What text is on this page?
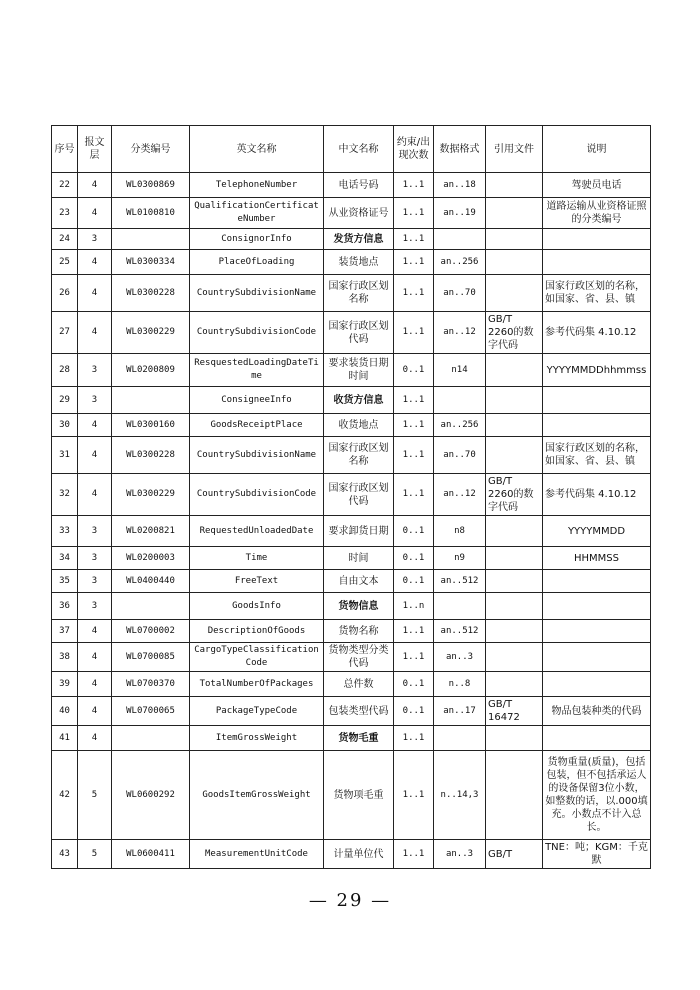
序号	报文层	分类编号	英文名称	中文名称	约束/出现次数	数据格式	引用文件	说明
22	4	WL0300869	TelephoneNumber	电话号码	1..1	an..18		驾驶员电话
23	4	WL0100810	QualificationCertificateNumber	从业资格证号	1..1	an..19		道路运输从业资格证照的分类编号
24	3		ConsignorInfo	发货方信息	1..1			
25	4	WL0300334	PlaceOfLoading	装货地点	1..1	an..256		
26	4	WL0300228	CountrySubdivisionName	国家行政区划名称	1..1	an..70		国家行政区划的名称，如国家、省、县、镇
27	4	WL0300229	CountrySubdivisionCode	国家行政区划代码	1..1	an..12	GB/T 2260的数字代码	参考代码集 4.10.12
28	3	WL0200809	ResquestedLoadingDateTime	要求装货日期时间	0..1	n14		YYYYMMDDhhmmss
29	3		ConsigneeInfo	收货方信息	1..1			
30	4	WL0300160	GoodsReceiptPlace	收货地点	1..1	an..256		
31	4	WL0300228	CountrySubdivisionName	国家行政区划名称	1..1	an..70		国家行政区划的名称，如国家、省、县、镇
32	4	WL0300229	CountrySubdivisionCode	国家行政区划代码	1..1	an..12	GB/T 2260的数字代码	参考代码集 4.10.12
33	3	WL0200821	RequestedUnloadedDate	要求卸货日期	0..1	n8		YYYYMMDD
34	3	WL0200003	Time	时间	0..1	n9		HHMMSS
35	3	WL0400440	FreeText	自由文本	0..1	an..512		
36	3		GoodsInfo	货物信息	1..n			
37	4	WL0700002	DescriptionOfGoods	货物名称	1..1	an..512		
38	4	WL0700085	CargoTypeClassificationCode	货物类型分类代码	1..1	an..3		
39	4	WL0700370	TotalNumberOfPackages	总件数	0..1	n..8		
40	4	WL0700065	PackageTypeCode	包装类型代码	0..1	an..17	GB/T 16472	物品包装种类的代码
41	4		ItemGrossWeight	货物毛重	1..1			
42	5	WL0600292	GoodsItemGrossWeight	货物项毛重	1..1	n..14,3		货物重量(质量)，包括包装，但不包括承运人的设备保留3位小数，如整数的话，以.000填充。小数点不计入总长。
43	5	WL0600411	MeasurementUnitCode	计量单位代	1..1	an..3	GB/T	TNE：吨；KGM：千克默
— 29 —
